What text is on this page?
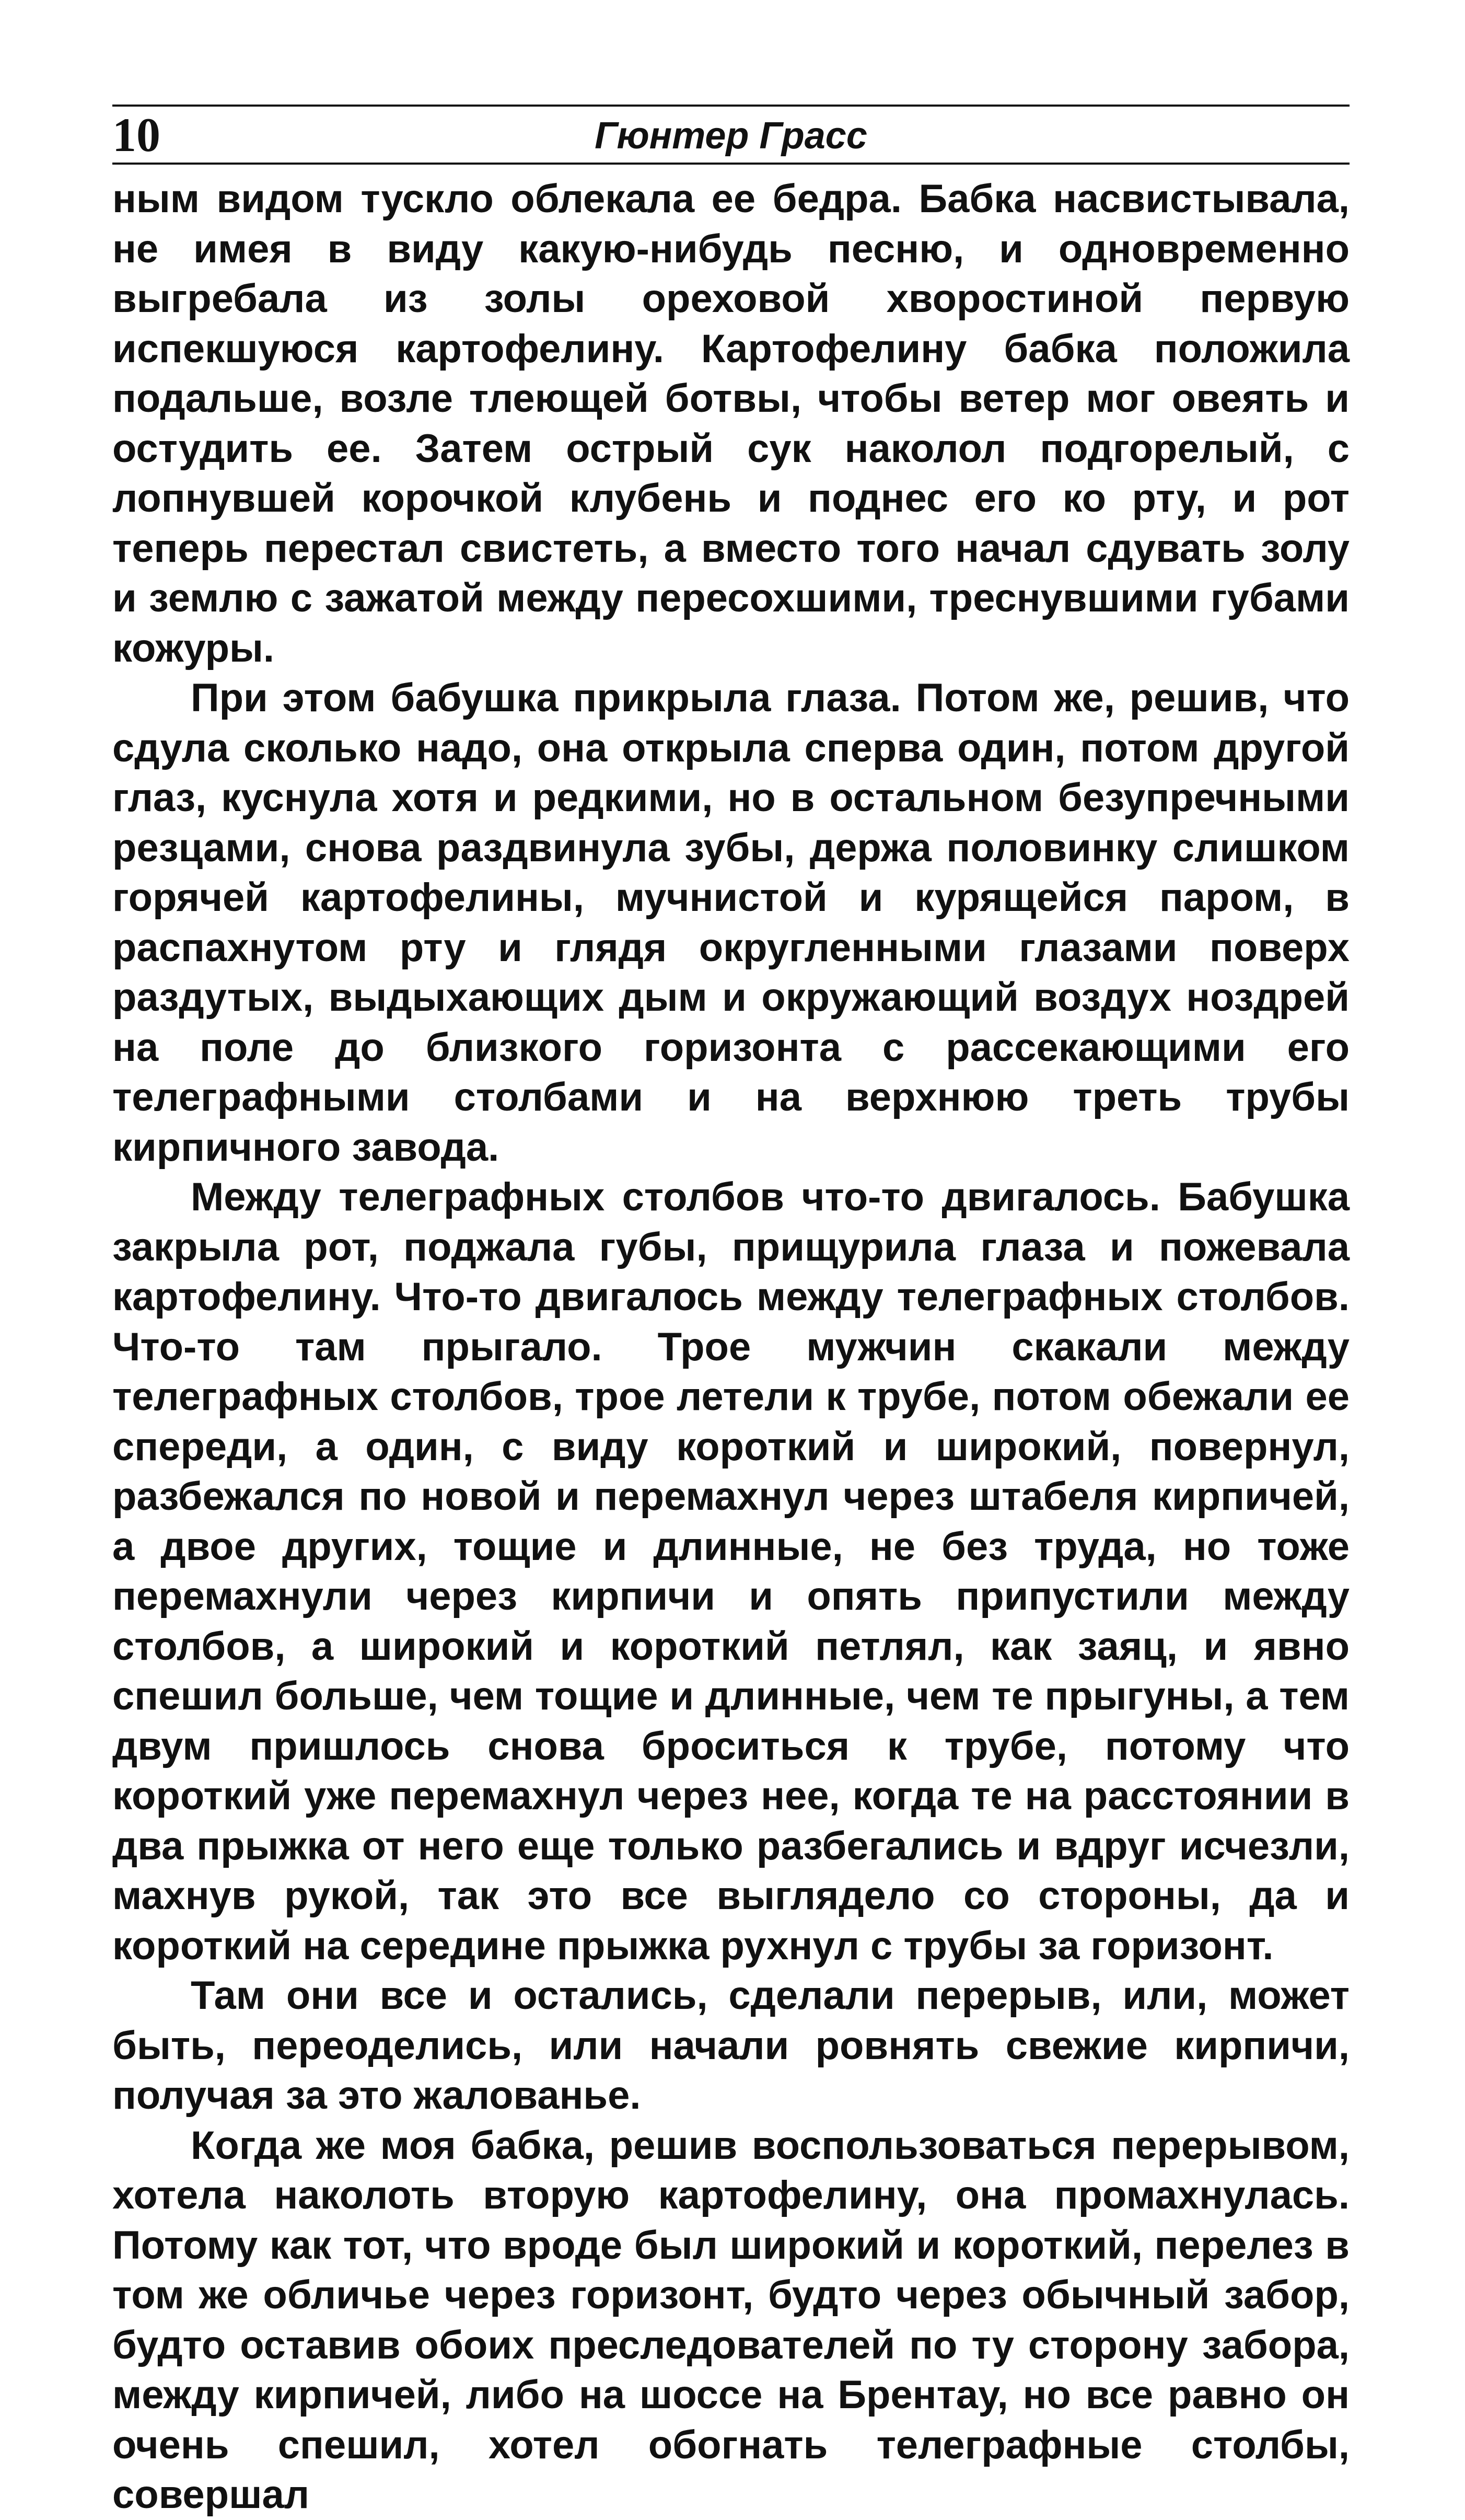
10	Гюнтер Грасс

ным видом тускло облекала ее бедра. Бабка насвистывала, не имея в виду какую-нибудь песню, и одновременно выгребала из золы ореховой хворостиной первую испекшуюся картофелину. Картофелину бабка положила подальше, возле тлеющей ботвы, чтобы ветер мог овеять и остудить ее. Затем острый сук наколол подгорелый, с лопнувшей корочкой клубень и поднес его ко рту, и рот теперь перестал свистеть, а вместо того начал сдувать золу и землю с зажатой между пересохшими, треснувшими губами кожуры.

При этом бабушка прикрыла глаза. Потом же, решив, что сдула сколько надо, она открыла сперва один, потом другой глаз, куснула хотя и редкими, но в остальном безупречными резцами, снова раздвинула зубы, держа половинку слишком горячей картофелины, мучнистой и курящейся паром, в распахнутом рту и глядя округленными глазами поверх раздутых, выдыхающих дым и окружающий воздух ноздрей на поле до близкого горизонта с рассекающими его телеграфными столбами и на верхнюю треть трубы кирпичного завода.

Между телеграфных столбов что-то двигалось. Бабушка закрыла рот, поджала губы, прищурила глаза и пожевала картофелину. Что-то двигалось между телеграфных столбов. Что-то там прыгало. Трое мужчин скакали между телеграфных столбов, трое летели к трубе, потом обежали ее спереди, а один, с виду короткий и широкий, повернул, разбежался по новой и перемахнул через штабеля кирпичей, а двое других, тощие и длинные, не без труда, но тоже перемахнули через кирпичи и опять припустили между столбов, а широкий и короткий петлял, как заяц, и явно спешил больше, чем тощие и длинные, чем те прыгуны, а тем двум пришлось снова броситься к трубе, потому что короткий уже перемахнул через нее, когда те на расстоянии в два прыжка от него еще только разбегались и вдруг исчезли, махнув рукой, так это все выглядело со стороны, да и короткий на середине прыжка рухнул с трубы за горизонт.

Там они все и остались, сделали перерыв, или, может быть, переоделись, или начали ровнять свежие кирпичи, получая за это жалованье.

Когда же моя бабка, решив воспользоваться перерывом, хотела наколоть вторую картофелину, она промахнулась. Потому как тот, что вроде был широкий и короткий, перелез в том же обличье через горизонт, будто через обычный забор, будто оставив обоих преследователей по ту сторону забора, между кирпичей, либо на шоссе на Брентау, но все равно он очень спешил, хотел обогнать телеграфные столбы, совершал
